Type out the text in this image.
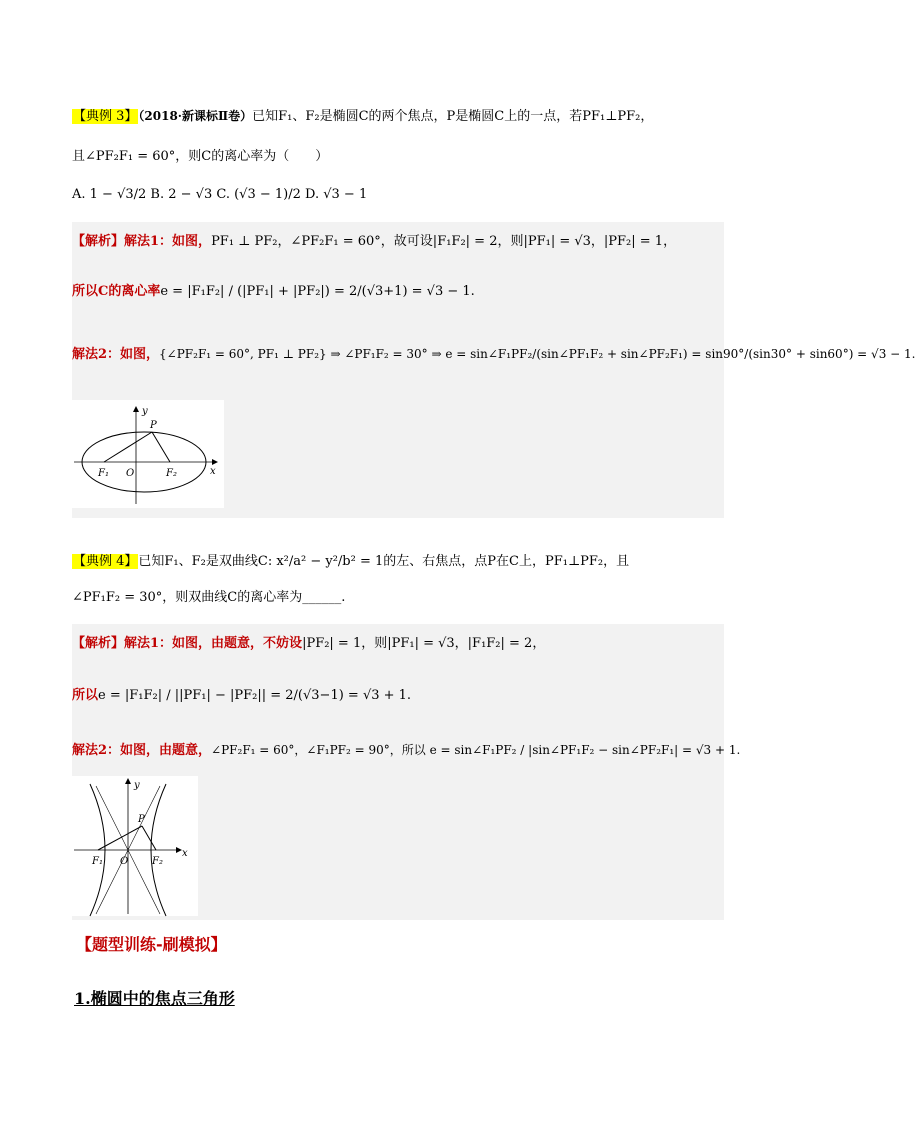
【典例 3】（2018·新课标Ⅱ卷）已知F₁、F₂是椭圆C的两个焦点，P是椭圆C上的一点，若PF₁⊥PF₂，
且∠PF₂F₁ = 60°，则C的离心率为（　　）
A. 1 − √3/2 B. 2 − √3 C. (√3 − 1)/2 D. √3 − 1
【解析】解法1：如图，PF₁ ⊥ PF₂，∠PF₂F₁ = 60°，故可设|F₁F₂| = 2，则|PF₁| = √3，|PF₂| = 1，
所以C的离心率e = |F₁F₂| / (|PF₁| + |PF₂|) = 2/(√3+1) = √3 − 1.
解法2：如图，{∠PF₂F₁ = 60°, PF₁ ⊥ PF₂} ⇒ ∠PF₁F₂ = 30° ⇒ e = sin∠F₁PF₂/(sin∠PF₁F₂ + sin∠PF₂F₁) = sin90°/(sin30° + sin60°) = √3 − 1.
y
x
P
O
F₁	F₂
【典例 4】已知F₁、F₂是双曲线C: x²/a² − y²/b² = 1的左、右焦点，点P在C上，PF₁⊥PF₂，且
∠PF₁F₂ = 30°，则双曲线C的离心率为______.
【解析】解法1：如图，由题意，不妨设|PF₂| = 1，则|PF₁| = √3，|F₁F₂| = 2，
所以e = |F₁F₂| / ||PF₁| − |PF₂|| = 2/(√3−1) = √3 + 1.
解法2：如图，由题意，∠PF₂F₁ = 60°，∠F₁PF₂ = 90°，所以 e = sin∠F₁PF₂ / |sin∠PF₁F₂ − sin∠PF₂F₁| = √3 + 1.
y
x
P
O
F₁	F₂
【题型训练-刷模拟】
1.椭圆中的焦点三角形
